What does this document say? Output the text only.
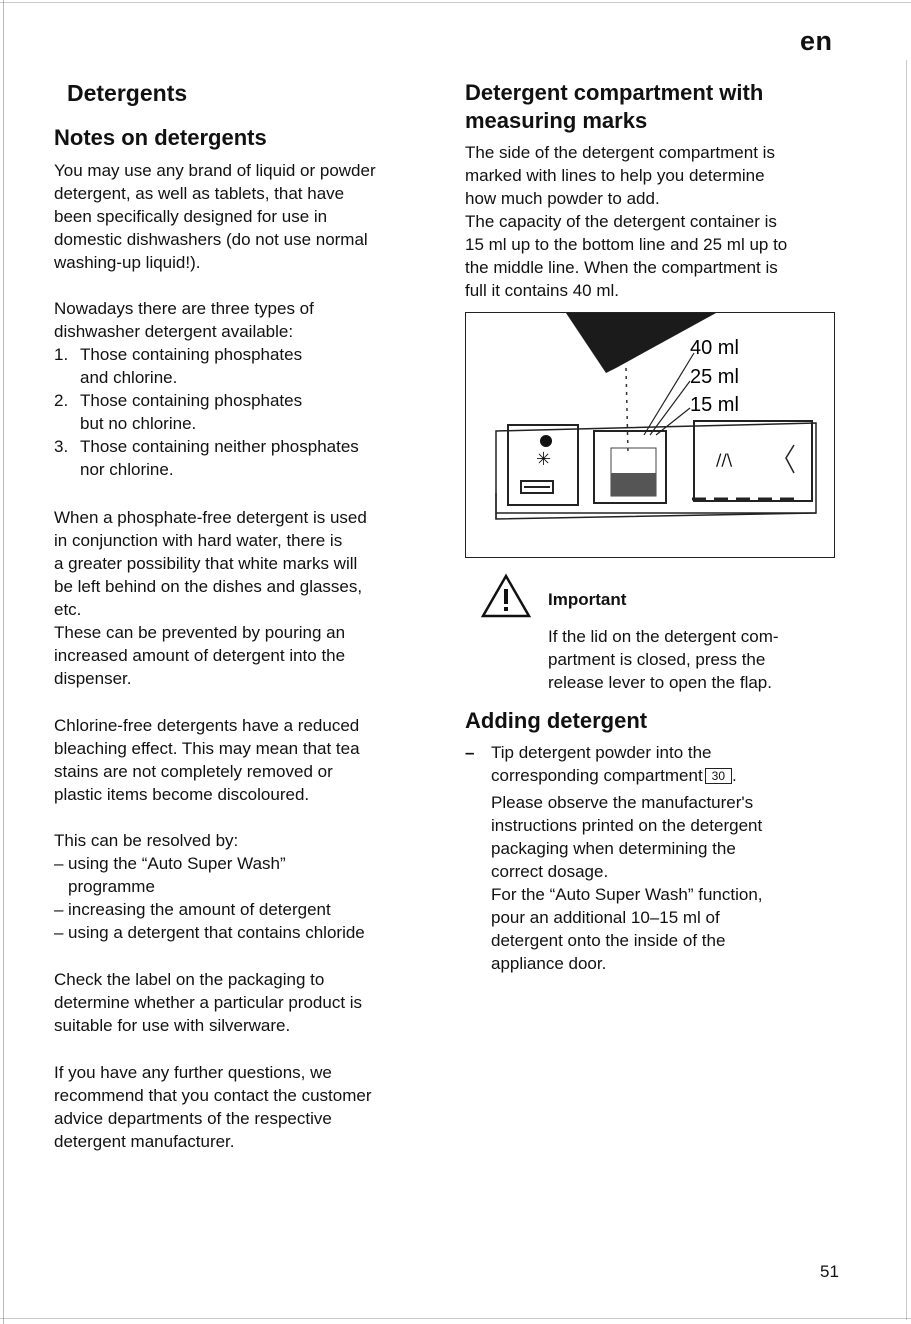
en
Detergents
Notes on detergents

You may use any brand of liquid or powder

detergent, as well as tablets, that have

been specifically designed for use in

domestic dishwashers (do not use normal

washing-up liquid!).

Nowadays there are three types of

dishwasher detergent available:

1. Those containing phosphates
and chlorine.
2. Those containing phosphates
but no chlorine.
3. Those containing neither phosphates
nor chlorine.

When a phosphate-free detergent is used

in conjunction with hard water, there is

a greater possibility that white marks will

be left behind on the dishes and glasses,

etc.

These can be prevented by pouring an

increased amount of detergent into the

dispenser.

Chlorine-free detergents have a reduced

bleaching effect. This may mean that tea

stains are not completely removed or

plastic items become discoloured.

This can be resolved by:

– using the “Auto Super Wash”
programme
– increasing the amount of detergent
– using a detergent that contains chloride

Check the label on the packaging to

determine whether a particular product is

suitable for use with silverware.

If you have any further questions, we

recommend that you contact the customer

advice departments of the respective

detergent manufacturer.

Detergent compartment with
measuring marks

The side of the detergent compartment is

marked with lines to help you determine

how much powder to add.

The capacity of the detergent container is

15 ml up to the bottom line and 25 ml up to

the middle line. When the compartment is

full it contains 40 ml.

40 ml
25 ml
15 ml
✳	//\
Important

If the lid on the detergent com-

partment is closed, press the

release lever to open the flap.

Adding detergent
– Tip detergent powder into the
corresponding compartment 30 .

Please observe the manufacturer's

instructions printed on the detergent

packaging when determining the

correct dosage.

For the “Auto Super Wash” function,

pour an additional 10–15 ml of

detergent onto the inside of the

appliance door.

51
